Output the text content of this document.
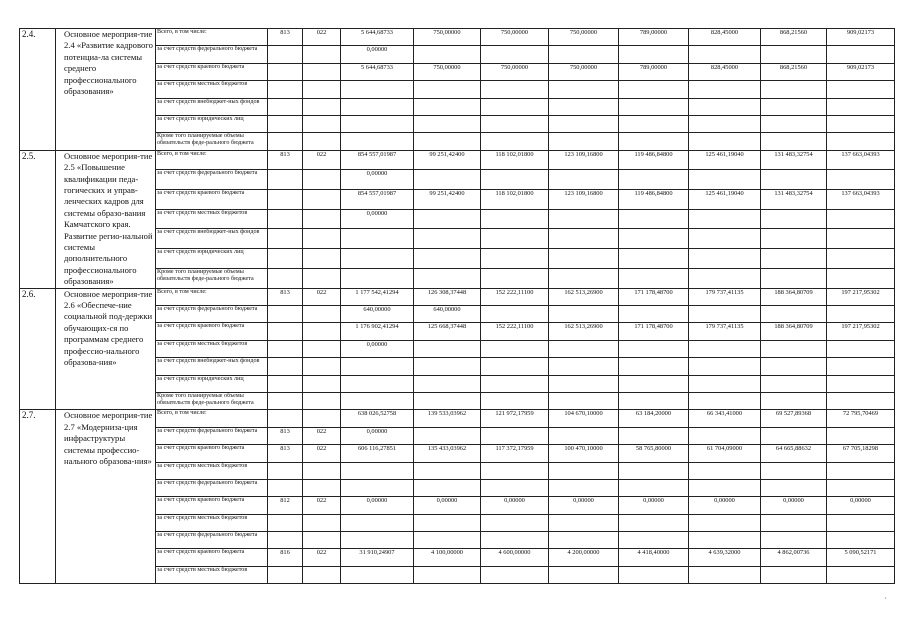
2.4.	Основное мероприя-тие 2.4 «Развитие кадрового потенциа-ла системы среднего профессионального образования»	Всего, в том числе:	813	022	5 644,68733	750,00000	750,00000	750,00000	789,00000	828,45000	868,21560	909,02173
		за счет средств федерального бюджета			0,00000							
		за счет средств краевого бюджета			5 644,68733	750,00000	750,00000	750,00000	789,00000	828,45000	868,21560	909,02173
		за счет средств местных бюджетов										
		за счет средств внебюджет-ных фондов										
		за счет средств юридических лиц										
		Кроме того планируемые объемы обязательств феде-рального бюджета										
2.5.	Основное мероприя-тие 2.5 «Повышение квалификации педа-гогических и управ-ленческих кадров для системы образо-вания Камчатского края. Развитие регио-нальной системы дополнительного профессионального образования»	Всего, в том числе:	813	022	854 557,01987	99 251,42400	118 102,01800	123 109,16800	119 486,84800	125 461,19040	131 483,32754	137 663,04393
		за счет средств федерального бюджета			0,00000							
		за счет средств краевого бюджета			854 557,01987	99 251,42400	118 102,01800	123 109,16800	119 486,84800	125 461,19040	131 483,32754	137 663,04393
		за счет средств местных бюджетов			0,00000							
		за счет средств внебюджет-ных фондов										
		за счет средств юридических лиц										
		Кроме того планируемые объемы обязательств феде-рального бюджета										
2.6.	Основное мероприя-тие 2.6 «Обеспече-ние социальной под-держки обучающих-ся по программам среднего профессио-нального образова-ния»	Всего, в том числе:	813	022	1 177 542,41294	126 308,37448	152 222,11100	162 513,26900	171 178,48700	179 737,41135	188 364,80709	197 217,95302
		за счет средств федерального бюджета			640,00000	640,00000						
		за счет средств краевого бюджета			1 176 902,41294	125 668,37448	152 222,11100	162 513,26900	171 178,48700	179 737,41135	188 364,80709	197 217,95302
		за счет средств местных бюджетов			0,00000							
		за счет средств внебюджет-ных фондов										
		за счет средств юридических лиц										
		Кроме того планируемые объемы обязательств феде-рального бюджета										
2.7.	Основное мероприя-тие 2.7 «Модерниза-ция инфраструктуры системы профессио-нального образова-ния»	Всего, в том числе:			638 026,52758	139 533,03962	121 972,17959	104 670,10000	63 184,20000	66 343,41000	69 527,89368	72 795,70469
		за счет средств федерального бюджета	813	022	0,00000							
		за счет средств краевого бюджета	813	022	606 116,27851	135 433,03962	117 372,17959	100 470,10000	58 765,80000	61 704,09000	64 665,88632	67 705,18298
		за счет средств местных бюджетов										
		за счет средств федерального бюджета										
		за счет средств краевого бюджета	812	022	0,00000	0,00000	0,00000	0,00000	0,00000	0,00000	0,00000	0,00000
		за счет средств местных бюджетов										
		за счет средств федерального бюджета										
		за счет средств краевого бюджета	816	022	31 910,24907	4 100,00000	4 600,00000	4 200,00000	4 418,40000	4 639,32000	4 862,00736	5 090,52171
		за счет средств местных бюджетов										
·
